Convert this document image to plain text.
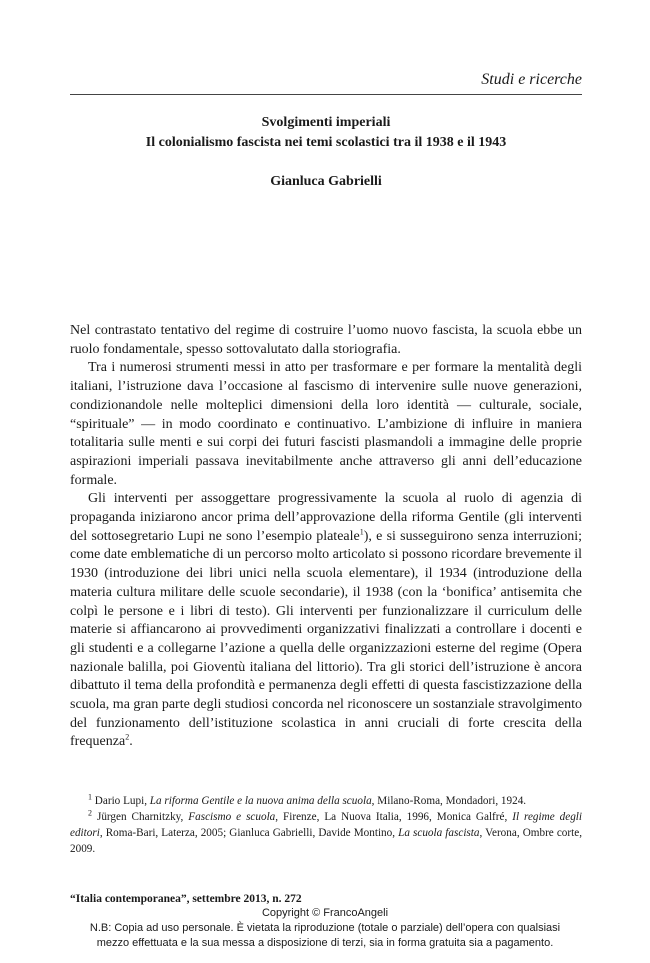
Studi e ricerche
Svolgimenti imperiali
Il colonialismo fascista nei temi scolastici tra il 1938 e il 1943
Gianluca Gabrielli

Nel contrastato tentativo del regime di costruire l’uomo nuovo fascista, la scuola ebbe un ruolo fondamentale, spesso sottovalutato dalla storiografia.

Tra i numerosi strumenti messi in atto per trasformare e per formare la mentalità degli italiani, l’istruzione dava l’occasione al fascismo di intervenire sulle nuove generazioni, condizionandole nelle molteplici dimensioni della loro identità — culturale, sociale, “spirituale” — in modo coordinato e continuativo. L’ambizione di influire in maniera totalitaria sulle menti e sui corpi dei futuri fascisti plasmandoli a immagine delle proprie aspirazioni imperiali passava inevitabilmente anche attraverso gli anni dell’educazione formale.

Gli interventi per assoggettare progressivamente la scuola al ruolo di agenzia di propaganda iniziarono ancor prima dell’approvazione della riforma Gentile (gli interventi del sottosegretario Lupi ne sono l’esempio plateale$^1$), e si susseguirono senza interruzioni; come date emblematiche di un percorso molto articolato si possono ricordare brevemente il 1930 (introduzione dei libri unici nella scuola elementare), il 1934 (introduzione della materia cultura militare delle scuole secondarie), il 1938 (con la ‘bonifica’ antisemita che colpì le persone e i libri di testo). Gli interventi per funzionalizzare il curriculum delle materie si affiancarono ai provvedimenti organizzativi finalizzati a controllare i docenti e gli studenti e a collegarne l’azione a quella delle organizzazioni esterne del regime (Opera nazionale balilla, poi Gioventù italiana del littorio). Tra gli storici dell’istruzione è ancora dibattuto il tema della profondità e permanenza degli effetti di questa fascistizzazione della scuola, ma gran parte degli studiosi concorda nel riconoscere un sostanziale stravolgimento del funzionamento dell’istituzione scolastica in anni cruciali di forte crescita della frequenza$^2$.

$^1$ Dario Lupi, La riforma Gentile e la nuova anima della scuola, Milano-Roma, Mondadori, 1924.

$^2$ Jürgen Charnitzky, Fascismo e scuola, Firenze, La Nuova Italia, 1996, Monica Galfré, Il regime degli editori, Roma-Bari, Laterza, 2005; Gianluca Gabrielli, Davide Montino, La scuola fascista, Verona, Ombre corte, 2009.

“Italia contemporanea”, settembre 2013, n. 272
Copyright © FrancoAngeli
N.B: Copia ad uso personale. È vietata la riproduzione (totale o parziale) dell’opera con qualsiasi
mezzo effettuata e la sua messa a disposizione di terzi, sia in forma gratuita sia a pagamento.
